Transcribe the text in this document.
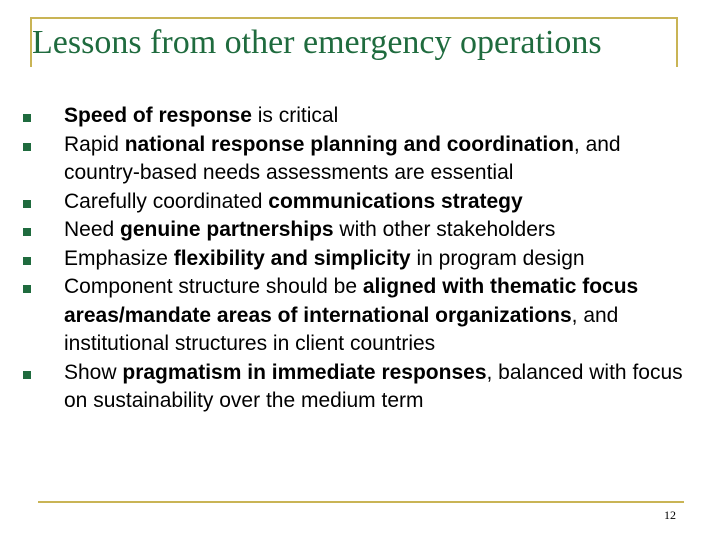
Lessons from other emergency operations
Speed of response is critical
Rapid national response planning and coordination, and country-based needs assessments are essential
Carefully coordinated communications strategy
Need genuine partnerships with other stakeholders
Emphasize flexibility and simplicity in program design
Component structure should be aligned with thematic focus areas/mandate areas of international organizations, and institutional structures in client countries
Show pragmatism in immediate responses, balanced with focus on sustainability over the medium term
12
